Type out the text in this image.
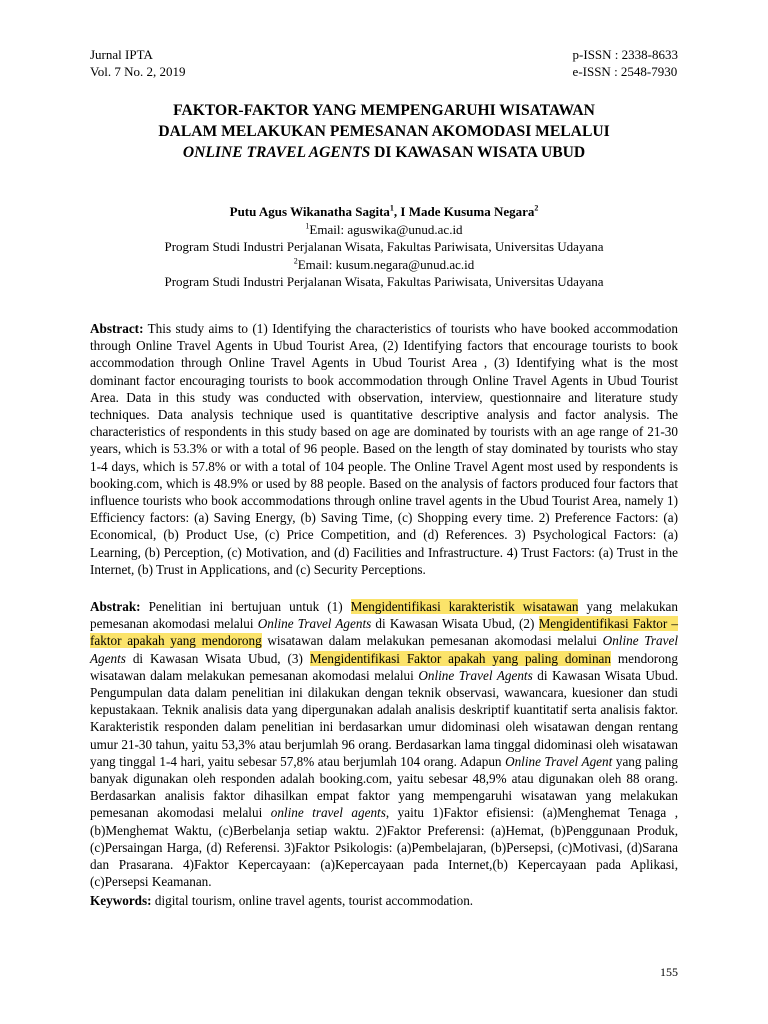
Jurnal IPTA
Vol. 7 No. 2, 2019
p-ISSN : 2338-8633
e-ISSN : 2548-7930
FAKTOR-FAKTOR YANG MEMPENGARUHI WISATAWAN
DALAM MELAKUKAN PEMESANAN AKOMODASI MELALUI
ONLINE TRAVEL AGENTS DI KAWASAN WISATA UBUD
Putu Agus Wikanatha Sagita$^1$, I Made Kusuma Negara$^2$
$^1$Email: aguswika@unud.ac.id
Program Studi Industri Perjalanan Wisata, Fakultas Pariwisata, Universitas Udayana
$^2$Email: kusum.negara@unud.ac.id
Program Studi Industri Perjalanan Wisata, Fakultas Pariwisata, Universitas Udayana
Abstract: This study aims to (1) Identifying the characteristics of tourists who have booked accommodation through Online Travel Agents in Ubud Tourist Area, (2) Identifying factors that encourage tourists to book accommodation through Online Travel Agents in Ubud Tourist Area , (3) Identifying what is the most dominant factor encouraging tourists to book accommodation through Online Travel Agents in Ubud Tourist Area. Data in this study was conducted with observation, interview, questionnaire and literature study techniques. Data analysis technique used is quantitative descriptive analysis and factor analysis. The characteristics of respondents in this study based on age are dominated by tourists with an age range of 21-30 years, which is 53.3% or with a total of 96 people. Based on the length of stay dominated by tourists who stay 1-4 days, which is 57.8% or with a total of 104 people. The Online Travel Agent most used by respondents is booking.com, which is 48.9% or used by 88 people. Based on the analysis of factors produced four factors that influence tourists who book accommodations through online travel agents in the Ubud Tourist Area, namely 1) Efficiency factors: (a) Saving Energy, (b) Saving Time, (c) Shopping every time. 2) Preference Factors: (a) Economical, (b) Product Use, (c) Price Competition, and (d) References. 3) Psychological Factors: (a) Learning, (b) Perception, (c) Motivation, and (d) Facilities and Infrastructure. 4) Trust Factors: (a) Trust in the Internet, (b) Trust in Applications, and (c) Security Perceptions.
Abstrak: Penelitian ini bertujuan untuk (1) Mengidentifikasi karakteristik wisatawan yang melakukan pemesanan akomodasi melalui Online Travel Agents di Kawasan Wisata Ubud, (2) Mengidentifikasi Faktor – faktor apakah yang mendorong wisatawan dalam melakukan pemesanan akomodasi melalui Online Travel Agents di Kawasan Wisata Ubud, (3) Mengidentifikasi Faktor apakah yang paling dominan mendorong wisatawan dalam melakukan pemesanan akomodasi melalui Online Travel Agents di Kawasan Wisata Ubud. Pengumpulan data dalam penelitian ini dilakukan dengan teknik observasi, wawancara, kuesioner dan studi kepustakaan. Teknik analisis data yang dipergunakan adalah analisis deskriptif kuantitatif serta analisis faktor. Karakteristik responden dalam penelitian ini berdasarkan umur didominasi oleh wisatawan dengan rentang umur 21-30 tahun, yaitu 53,3% atau berjumlah 96 orang. Berdasarkan lama tinggal didominasi oleh wisatawan yang tinggal 1-4 hari, yaitu sebesar 57,8% atau berjumlah 104 orang. Adapun Online Travel Agent yang paling banyak digunakan oleh responden adalah booking.com, yaitu sebesar 48,9% atau digunakan oleh 88 orang. Berdasarkan analisis faktor dihasilkan empat faktor yang mempengaruhi wisatawan yang melakukan pemesanan akomodasi melalui online travel agents, yaitu 1)Faktor efisiensi: (a)Menghemat Tenaga , (b)Menghemat Waktu, (c)Berbelanja setiap waktu. 2)Faktor Preferensi: (a)Hemat, (b)Penggunaan Produk, (c)Persaingan Harga, (d) Referensi. 3)Faktor Psikologis: (a)Pembelajaran, (b)Persepsi, (c)Motivasi, (d)Sarana dan Prasarana. 4)Faktor Kepercayaan: (a)Kepercayaan pada Internet,(b) Kepercayaan pada Aplikasi, (c)Persepsi Keamanan.
Keywords: digital tourism, online travel agents, tourist accommodation.
155
